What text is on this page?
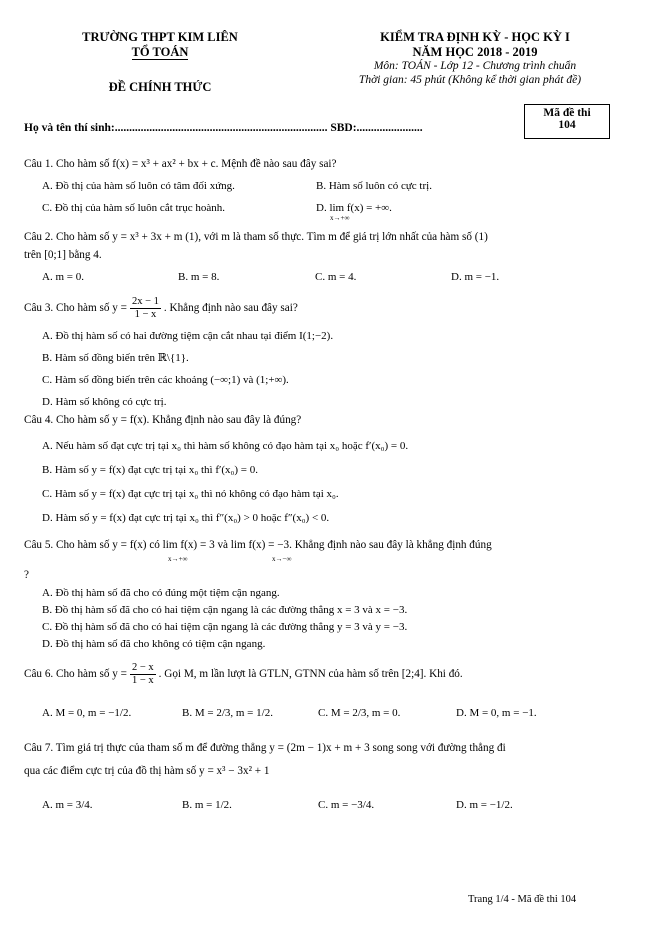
TRƯỜNG THPT KIM LIÊN
TỔ TOÁN
ĐỀ CHÍNH THỨC
KIỂM TRA ĐỊNH KỲ - HỌC KỲ I
NĂM HỌC 2018 - 2019
Môn: TOÁN - Lớp 12 - Chương trình chuẩn
Thời gian: 45 phút (Không kể thời gian phát đề)
Mã đề thi
104
Họ và tên thí sinh:.......................................................................... SBD:.......................
Câu 1. Cho hàm số f(x) = x³ + ax² + bx + c. Mệnh đề nào sau đây sai?
A. Đồ thị của hàm số luôn có tâm đối xứng.	B. Hàm số luôn có cực trị.
C. Đồ thị của hàm số luôn cắt trục hoành.	D. lim f(x) = +∞.
x→+∞
Câu 2. Cho hàm số y = x³ + 3x + m (1), với m là tham số thực. Tìm m để giá trị lớn nhất của hàm số (1)
trên [0;1] bằng 4.
A. m = 0.	B. m = 8.	C. m = 4.	D. m = −1.
Câu 3. Cho hàm số $y = \frac{2x - 1}{1 - x}$ . Khẳng định nào sau đây sai?
A. Đồ thị hàm số có hai đường tiệm cận cắt nhau tại điểm I(1;−2).
B. Hàm số đồng biến trên ℝ\{1}.
C. Hàm số đồng biến trên các khoảng (−∞;1) và (1;+∞).
D. Hàm số không có cực trị.
Câu 4. Cho hàm số y = f(x). Khẳng định nào sau đây là đúng?
A. Nếu hàm số đạt cực trị tại x₀ thì hàm số không có đạo hàm tại x₀ hoặc f′(x₀) = 0.
B. Hàm số y = f(x) đạt cực trị tại x₀ thì f′(x₀) = 0.
C. Hàm số y = f(x) đạt cực trị tại x₀ thì nó không có đạo hàm tại x₀.
D. Hàm số y = f(x) đạt cực trị tại x₀ thì f″(x₀) > 0 hoặc f″(x₀) < 0.
Câu 5. Cho hàm số y = f(x) có lim f(x) = 3 và lim f(x) = −3. Khẳng định nào sau đây là khẳng định đúng
x→+∞	x→−∞
?
A. Đồ thị hàm số đã cho có đúng một tiệm cận ngang.
B. Đồ thị hàm số đã cho có hai tiệm cận ngang là các đường thẳng x = 3 và x = −3.
C. Đồ thị hàm số đã cho có hai tiệm cận ngang là các đường thẳng y = 3 và y = −3.
D. Đồ thị hàm số đã cho không có tiệm cận ngang.
Câu 6. Cho hàm số $y = \frac{2 - x}{1 - x}$ . Gọi M, m lần lượt là GTLN, GTNN của hàm số trên [2;4]. Khi đó.
A. M = 0, m = −1/2.	B. M = 2/3, m = 1/2.	C. M = 2/3, m = 0.	D. M = 0, m = −1.
Câu 7. Tìm giá trị thực của tham số m để đường thẳng y = (2m − 1)x + m + 3 song song với đường thẳng đi
qua các điểm cực trị của đồ thị hàm số y = x³ − 3x² + 1
A. m = 3/4.	B. m = 1/2.	C. m = −3/4.	D. m = −1/2.
Trang 1/4 - Mã đề thi 104
